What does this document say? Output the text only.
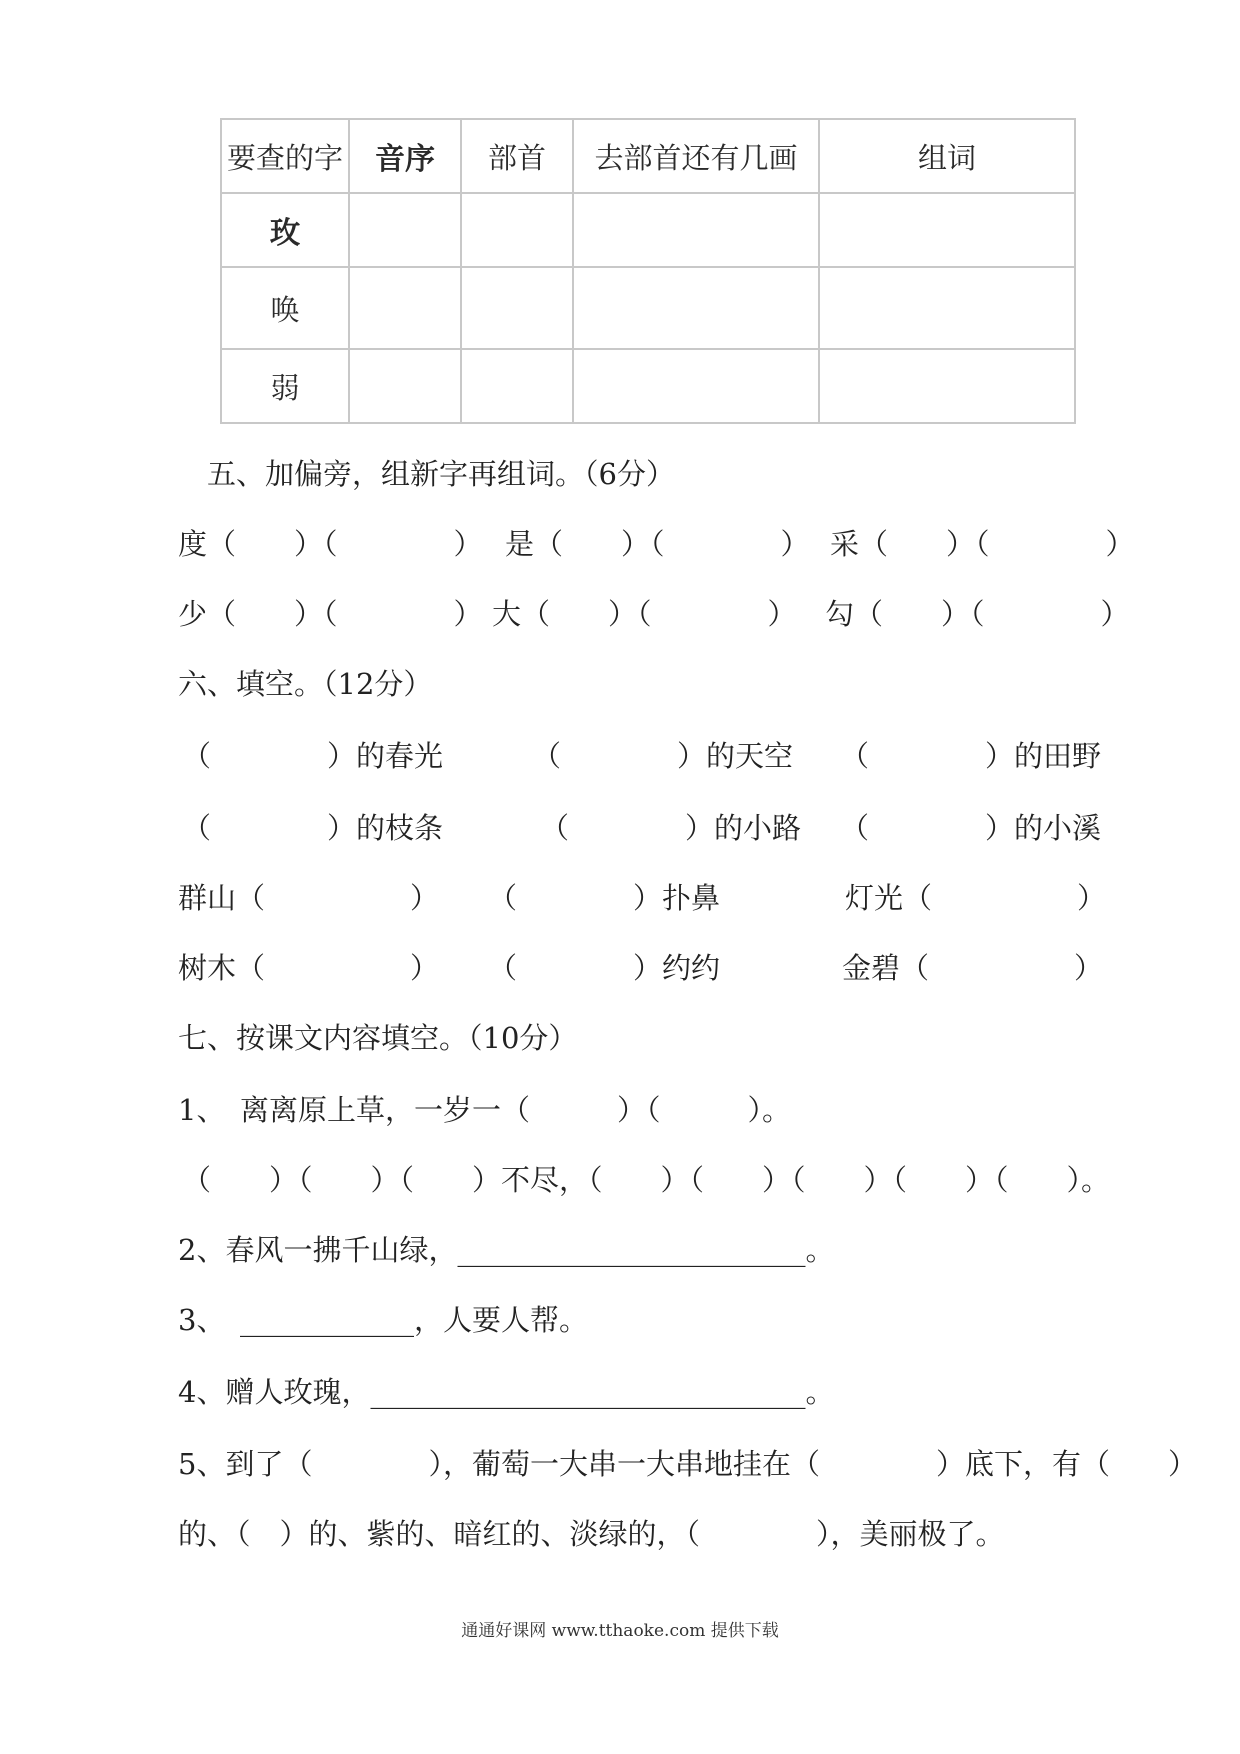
要查的字	音序	部首	去部首还有几画	组词
玫				
唤				
弱				
五、加偏旁，组新字再组词。（6分）
度（　　）（　　　　） 是（　　）（　　　　） 采（　　）（　　　　）
少（　　）（　　　　） 大（　　）（　　　　） 勾（　　）（　　　　）
六、填空。（12分）
（　　　　）的春光	（　　　　）的天空 （　　　　）的田野
（　　　　）的枝条	（　　　　）的小路 （　　　　）的小溪
群山（　　　　　） （　　　　）扑鼻	灯光（　　　　　）
树木（　　　　　） （　　　　）约约	金碧（　　　　　）
七、按课文内容填空。（10分）
1、　离离原上草，一岁一（　　　）（　　　）。
（　　）（　　）（　　）不尽，（　　）（　　）（　　）（　　）（　　）。
2、春风一拂千山绿，________________________。
3、　____________，人要人帮。
4、赠人玫瑰，______________________________。
5、到了（　　　　），葡萄一大串一大串地挂在（　　　　）底下，有（　　）
的、（　）的、紫的、暗红的、淡绿的，（　　　　），美丽极了。
通通好课网 www.tthaoke.com 提供下载
